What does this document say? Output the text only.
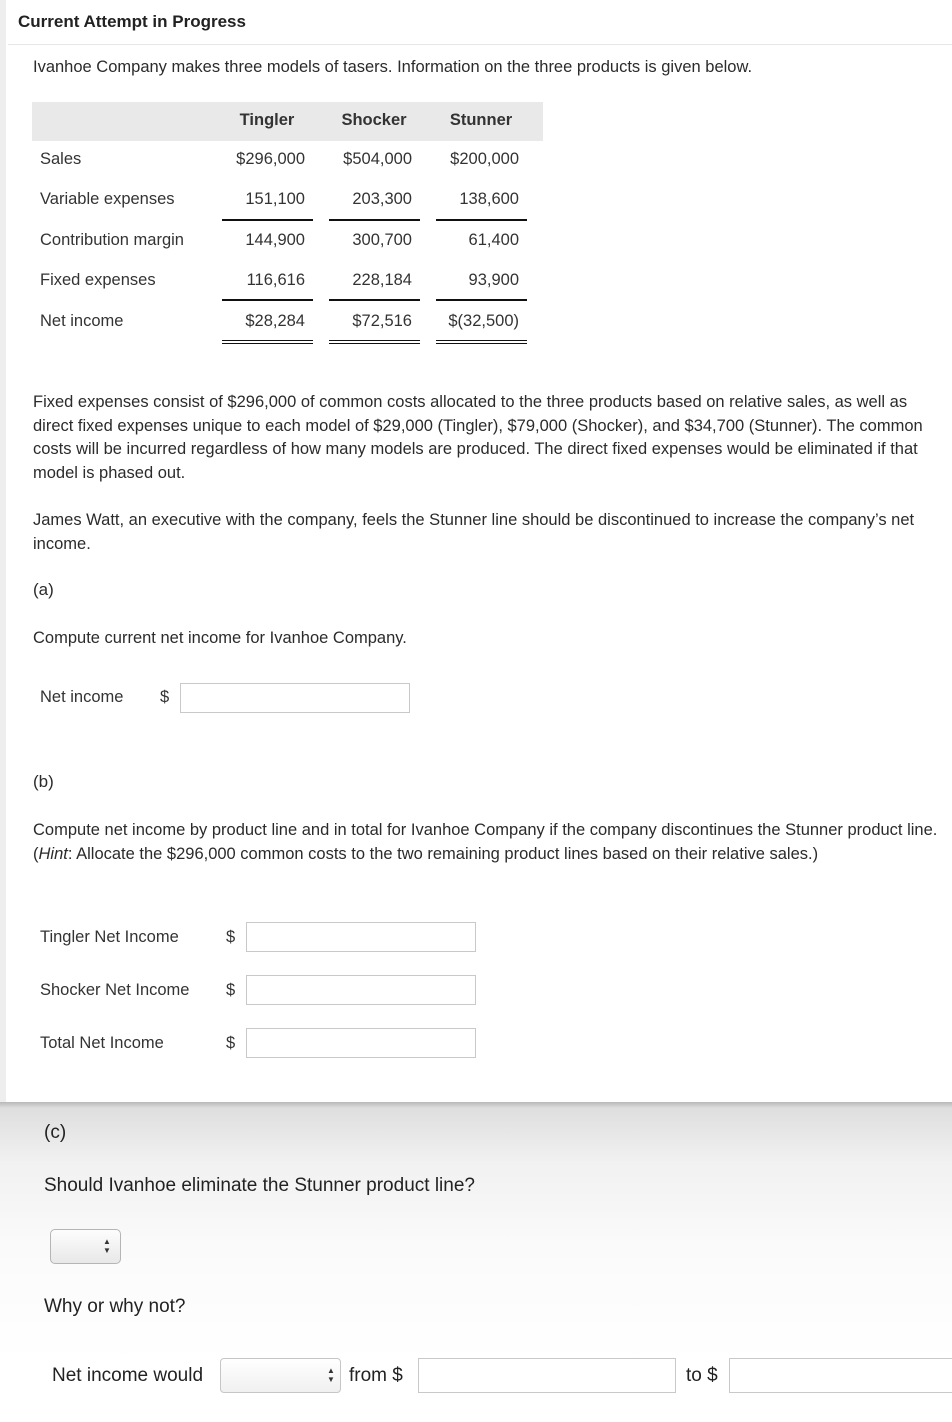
Current Attempt in Progress
Ivanhoe Company makes three models of tasers. Information on the three products is given below.
Tingler	Shocker	Stunner
Sales	$296,000	$504,000	$200,000
Variable expenses	151,100	203,300	138,600
Contribution margin	144,900	300,700	61,400
Fixed expenses	116,616	228,184	93,900
Net income	$28,284	$72,516	$(32,500)
Fixed expenses consist of $296,000 of common costs allocated to the three products based on relative sales, as well as direct fixed expenses unique to each model of $29,000 (Tingler), $79,000 (Shocker), and $34,700 (Stunner). The common costs will be incurred regardless of how many models are produced. The direct fixed expenses would be eliminated if that model is phased out.
James Watt, an executive with the company, feels the Stunner line should be discontinued to increase the company’s net income.
(a)
Compute current net income for Ivanhoe Company.
Net income $
(b)
Compute net income by product line and in total for Ivanhoe Company if the company discontinues the Stunner product line. (Hint: Allocate the $296,000 common costs to the two remaining product lines based on their relative sales.)
Tingler Net Income	$
Shocker Net Income $
Total Net Income	$
(c)
Should Ivanhoe eliminate the Stunner product line?
▲
▼
Why or why not?
Net income would	▲
▼ from $	to $
